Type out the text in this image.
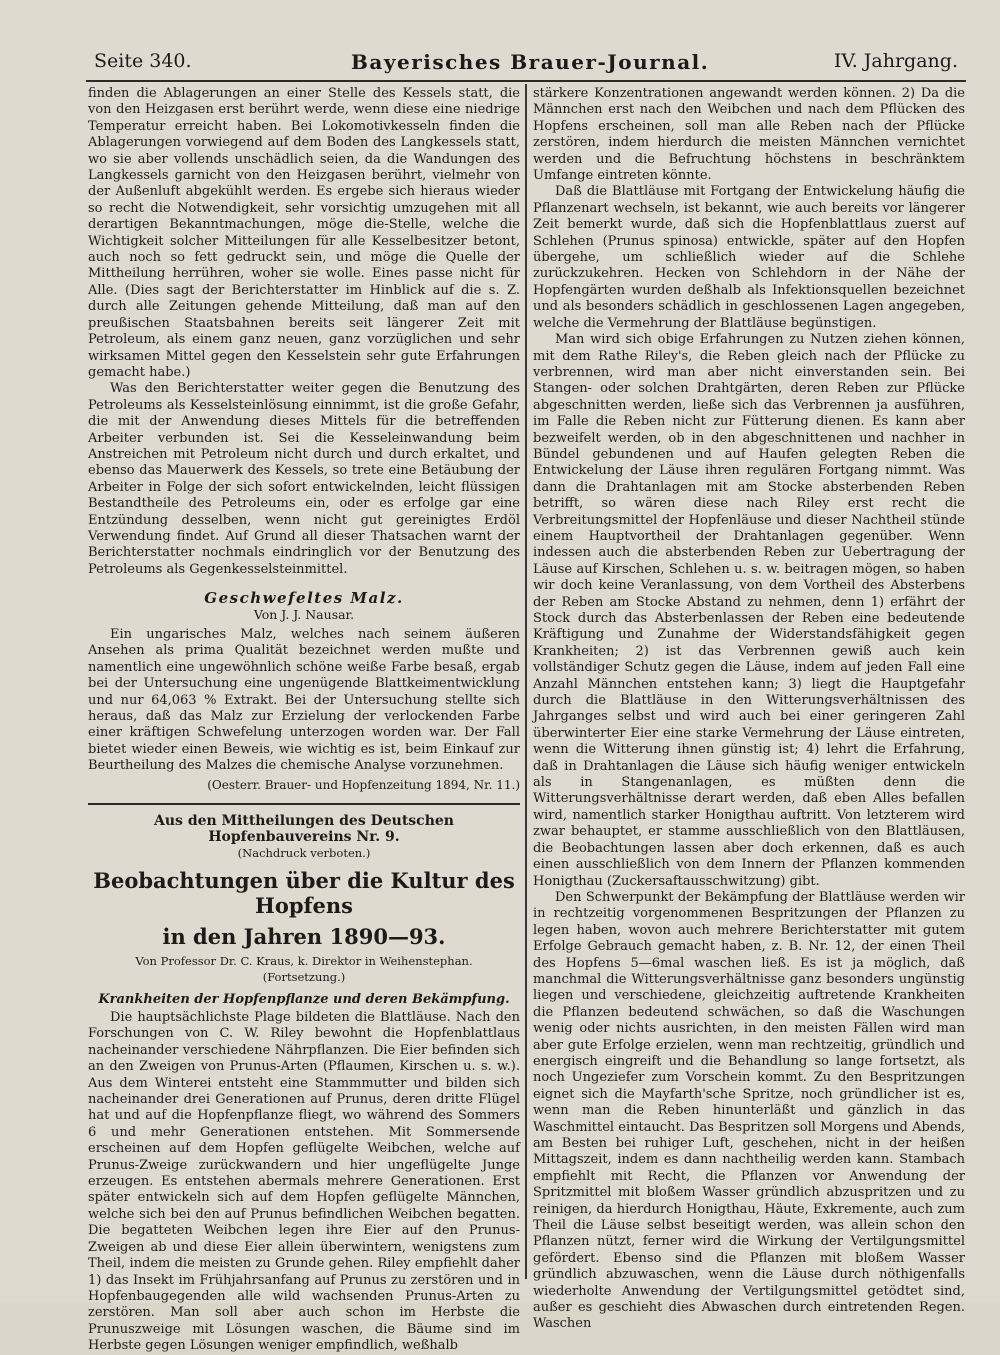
Seite 340.	Bayerisches Brauer-Journal.	IV. Jahrgang.

finden die Ablagerungen an einer Stelle des Kessels statt, die von den Heizgasen erst berührt werde, wenn diese eine niedrige Temperatur erreicht haben. Bei Lokomotivkesseln finden die Ablagerungen vorwiegend auf dem Boden des Langkessels statt, wo sie aber vollends unschädlich seien, da die Wandungen des Langkessels garnicht von den Heizgasen berührt, vielmehr von der Außenluft abgekühlt werden. Es ergebe sich hieraus wieder so recht die Notwendigkeit, sehr vorsichtig umzugehen mit all derartigen Bekanntmachungen, möge die-Stelle, welche die Wichtigkeit solcher Mitteilungen für alle Kesselbesitzer betont, auch noch so fett gedruckt sein, und möge die Quelle der Mittheilung herrühren, woher sie wolle. Eines passe nicht für Alle. (Dies sagt der Berichterstatter im Hinblick auf die s. Z. durch alle Zeitungen gehende Mitteilung, daß man auf den preußischen Staatsbahnen bereits seit längerer Zeit mit Petroleum, als einem ganz neuen, ganz vorzüglichen und sehr wirksamen Mittel gegen den Kesselstein sehr gute Erfahrungen gemacht habe.)

Was den Berichterstatter weiter gegen die Benutzung des Petroleums als Kesselsteinlösung einnimmt, ist die große Gefahr, die mit der Anwendung dieses Mittels für die betreffenden Arbeiter verbunden ist. Sei die Kesseleinwandung beim Anstreichen mit Petroleum nicht durch und durch erkaltet, und ebenso das Mauerwerk des Kessels, so trete eine Betäubung der Arbeiter in Folge der sich sofort entwickelnden, leicht flüssigen Bestandtheile des Petroleums ein, oder es erfolge gar eine Entzündung desselben, wenn nicht gut gereinigtes Erdöl Verwendung findet. Auf Grund all dieser Thatsachen warnt der Berichterstatter nochmals eindringlich vor der Benutzung des Petroleums als Gegenkesselsteinmittel.

Geschwefeltes Malz.

Von J. J. Nausar.

Ein ungarisches Malz, welches nach seinem äußeren Ansehen als prima Qualität bezeichnet werden mußte und namentlich eine ungewöhnlich schöne weiße Farbe besaß, ergab bei der Untersuchung eine ungenügende Blattkeimentwicklung und nur 64,063 % Extrakt. Bei der Untersuchung stellte sich heraus, daß das Malz zur Erzielung der verlockenden Farbe einer kräftigen Schwefelung unterzogen worden war. Der Fall bietet wieder einen Beweis, wie wichtig es ist, beim Einkauf zur Beurtheilung des Malzes die chemische Analyse vorzunehmen.

(Oesterr. Brauer- und Hopfenzeitung 1894, Nr. 11.)

Aus den Mittheilungen des Deutschen Hopfenbauvereins Nr. 9.

(Nachdruck verboten.)

Beobachtungen über die Kultur des Hopfens

in den Jahren 1890—93.

Von Professor Dr. C. Kraus, k. Direktor in Weihenstephan.

(Fortsetzung.)

Krankheiten der Hopfenpflanze und deren Bekämpfung.

Die hauptsächlichste Plage bildeten die Blattläuse. Nach den Forschungen von C. W. Riley bewohnt die Hopfenblattlaus nacheinander verschiedene Nährpflanzen. Die Eier befinden sich an den Zweigen von Prunus-Arten (Pflaumen, Kirschen u. s. w.). Aus dem Winterei entsteht eine Stammmutter und bilden sich nacheinander drei Generationen auf Prunus, deren dritte Flügel hat und auf die Hopfenpflanze fliegt, wo während des Sommers 6 und mehr Generationen entstehen. Mit Sommersende erscheinen auf dem Hopfen geflügelte Weibchen, welche auf Prunus-Zweige zurückwandern und hier ungeflügelte Junge erzeugen. Es entstehen abermals mehrere Generationen. Erst später entwickeln sich auf dem Hopfen geflügelte Männchen, welche sich bei den auf Prunus befindlichen Weibchen begatten. Die begatteten Weibchen legen ihre Eier auf den Prunus-Zweigen ab und diese Eier allein überwintern, wenigstens zum Theil, indem die meisten zu Grunde gehen. Riley empfiehlt daher 1) das Insekt im Frühjahrsanfang auf Prunus zu zerstören und in Hopfenbaugegenden alle wild wachsenden Prunus-Arten zu zerstören. Man soll aber auch schon im Herbste die Prunuszweige mit Lösungen waschen, die Bäume sind im Herbste gegen Lösungen weniger empfindlich, weßhalb

stärkere Konzentrationen angewandt werden können. 2) Da die Männchen erst nach den Weibchen und nach dem Pflücken des Hopfens erscheinen, soll man alle Reben nach der Pflücke zerstören, indem hierdurch die meisten Männchen vernichtet werden und die Befruchtung höchstens in beschränktem Umfange eintreten könnte.

Daß die Blattläuse mit Fortgang der Entwickelung häufig die Pflanzenart wechseln, ist bekannt, wie auch bereits vor längerer Zeit bemerkt wurde, daß sich die Hopfenblattlaus zuerst auf Schlehen (Prunus spinosa) entwickle, später auf den Hopfen übergehe, um schließlich wieder auf die Schlehe zurückzukehren. Hecken von Schlehdorn in der Nähe der Hopfengärten wurden deßhalb als Infektionsquellen bezeichnet und als besonders schädlich in geschlossenen Lagen angegeben, welche die Vermehrung der Blattläuse begünstigen.

Man wird sich obige Erfahrungen zu Nutzen ziehen können, mit dem Rathe Riley's, die Reben gleich nach der Pflücke zu verbrennen, wird man aber nicht einverstanden sein. Bei Stangen- oder solchen Drahtgärten, deren Reben zur Pflücke abgeschnitten werden, ließe sich das Verbrennen ja ausführen, im Falle die Reben nicht zur Fütterung dienen. Es kann aber bezweifelt werden, ob in den abgeschnittenen und nachher in Bündel gebundenen und auf Haufen gelegten Reben die Entwickelung der Läuse ihren regulären Fortgang nimmt. Was dann die Drahtanlagen mit am Stocke absterbenden Reben betrifft, so wären diese nach Riley erst recht die Verbreitungsmittel der Hopfenläuse und dieser Nachtheil stünde einem Hauptvortheil der Drahtanlagen gegenüber. Wenn indessen auch die absterbenden Reben zur Uebertragung der Läuse auf Kirschen, Schlehen u. s. w. beitragen mögen, so haben wir doch keine Veranlassung, von dem Vortheil des Absterbens der Reben am Stocke Abstand zu nehmen, denn 1) erfährt der Stock durch das Absterbenlassen der Reben eine bedeutende Kräftigung und Zunahme der Widerstandsfähigkeit gegen Krankheiten; 2) ist das Verbrennen gewiß auch kein vollständiger Schutz gegen die Läuse, indem auf jeden Fall eine Anzahl Männchen entstehen kann; 3) liegt die Hauptgefahr durch die Blattläuse in den Witterungsverhältnissen des Jahrganges selbst und wird auch bei einer geringeren Zahl überwinterter Eier eine starke Vermehrung der Läuse eintreten, wenn die Witterung ihnen günstig ist; 4) lehrt die Erfahrung, daß in Drahtanlagen die Läuse sich häufig weniger entwickeln als in Stangenanlagen, es müßten denn die Witterungsverhältnisse derart werden, daß eben Alles befallen wird, namentlich starker Honigthau auftritt. Von letzterem wird zwar behauptet, er stamme ausschließlich von den Blattläusen, die Beobachtungen lassen aber doch erkennen, daß es auch einen ausschließlich von dem Innern der Pflanzen kommenden Honigthau (Zuckersaftausschwitzung) gibt.

Den Schwerpunkt der Bekämpfung der Blattläuse werden wir in rechtzeitig vorgenommenen Bespritzungen der Pflanzen zu legen haben, wovon auch mehrere Berichterstatter mit gutem Erfolge Gebrauch gemacht haben, z. B. Nr. 12, der einen Theil des Hopfens 5—6mal waschen ließ. Es ist ja möglich, daß manchmal die Witterungsverhältnisse ganz besonders ungünstig liegen und verschiedene, gleichzeitig auftretende Krankheiten die Pflanzen bedeutend schwächen, so daß die Waschungen wenig oder nichts ausrichten, in den meisten Fällen wird man aber gute Erfolge erzielen, wenn man rechtzeitig, gründlich und energisch eingreift und die Behandlung so lange fortsetzt, als noch Ungeziefer zum Vorschein kommt. Zu den Bespritzungen eignet sich die Mayfarth'sche Spritze, noch gründlicher ist es, wenn man die Reben hinunterläßt und gänzlich in das Waschmittel eintaucht. Das Bespritzen soll Morgens und Abends, am Besten bei ruhiger Luft, geschehen, nicht in der heißen Mittagszeit, indem es dann nachtheilig werden kann. Stambach empfiehlt mit Recht, die Pflanzen vor Anwendung der Spritzmittel mit bloßem Wasser gründlich abzuspritzen und zu reinigen, da hierdurch Honigthau, Häute, Exkremente, auch zum Theil die Läuse selbst beseitigt werden, was allein schon den Pflanzen nützt, ferner wird die Wirkung der Vertilgungsmittel gefördert. Ebenso sind die Pflanzen mit bloßem Wasser gründlich abzuwaschen, wenn die Läuse durch nöthigenfalls wiederholte Anwendung der Vertilgungsmittel getödtet sind, außer es geschieht dies Abwaschen durch eintretenden Regen. Waschen
